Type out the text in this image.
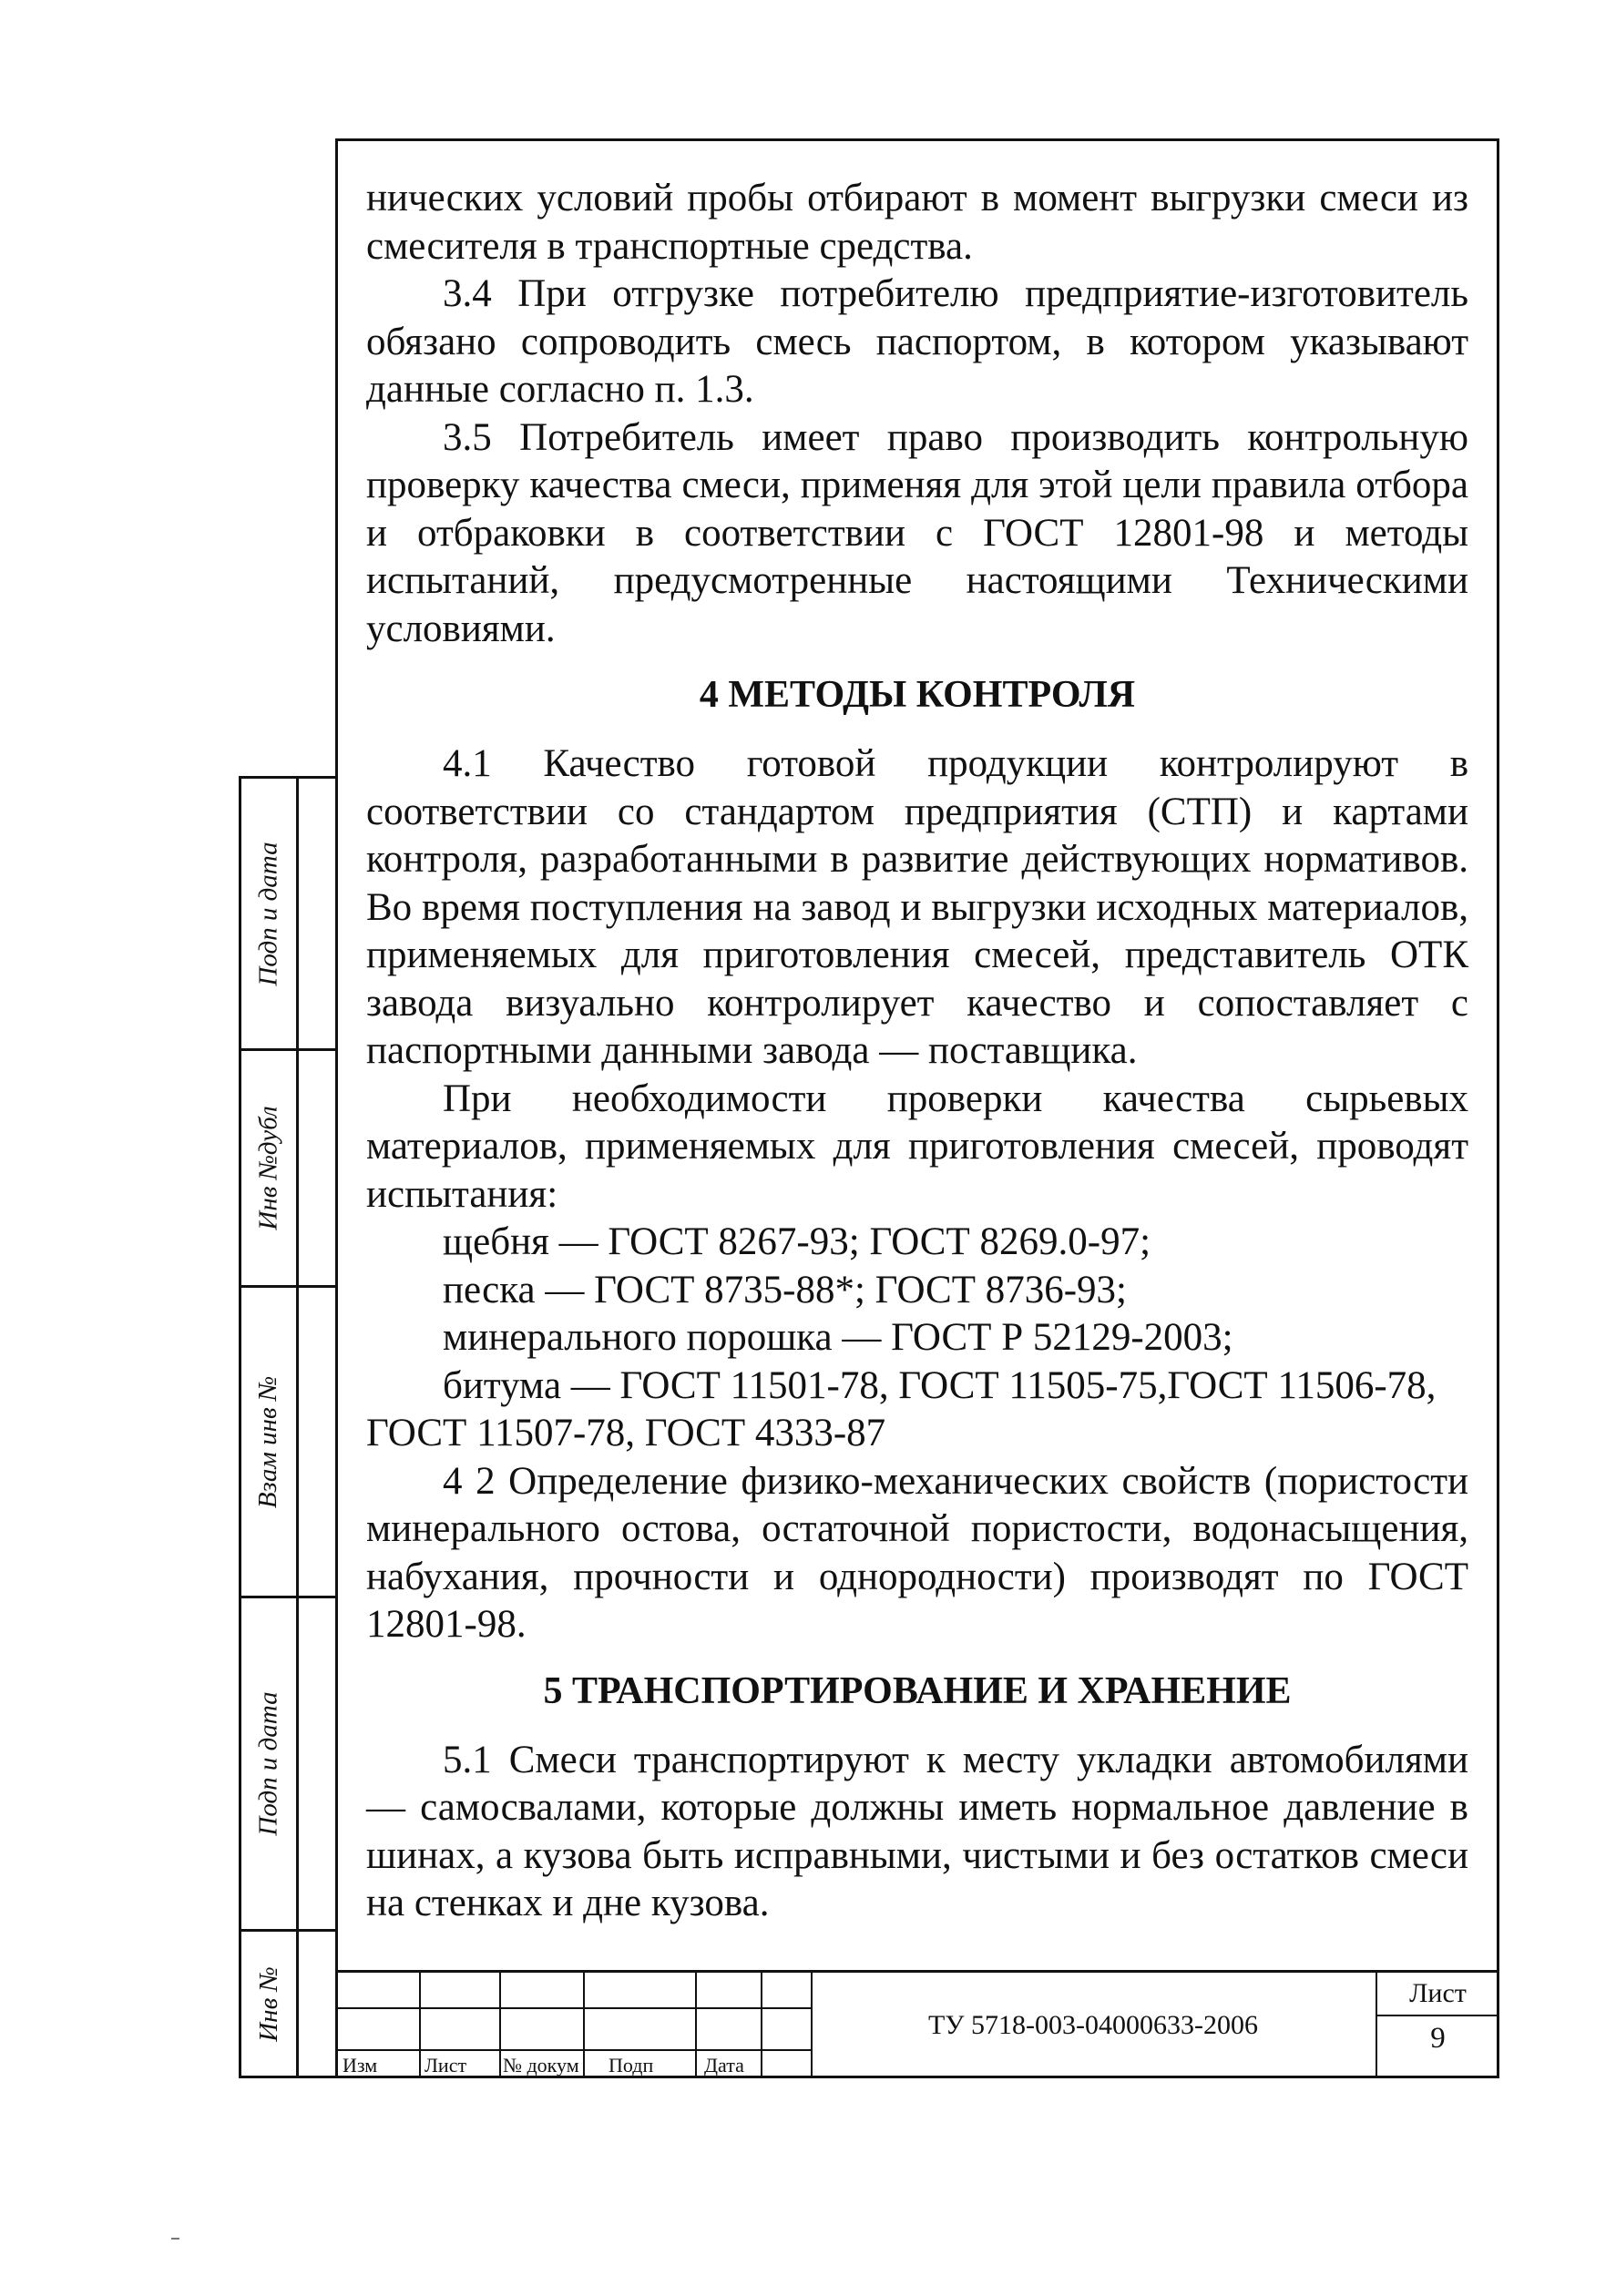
нических условий пробы отбирают в момент выгрузки смеси из смесителя в транспортные средства.

3.4 При отгрузке потребителю предприятие-изготовитель обязано сопроводить смесь паспортом, в котором указывают данные согласно п. 1.3.

3.5 Потребитель имеет право производить контрольную проверку качества смеси, применяя для этой цели правила отбора и отбраковки в соответствии с ГОСТ 12801-98 и методы испытаний, предусмотренные настоящими Техническими условиями.

4 МЕТОДЫ КОНТРОЛЯ

4.1 Качество готовой продукции контролируют в соответствии со стандартом предприятия (СТП) и картами контроля, разработанными в развитие действующих нормативов. Во время поступления на завод и выгрузки исходных материалов, применяемых для приготовления смесей, представитель ОТК завода визуально контролирует качество и сопоставляет с паспортными данными завода — поставщика.

При необходимости проверки качества сырьевых материалов, применяемых для приготовления смесей, проводят испытания:

щебня — ГОСТ 8267-93; ГОСТ 8269.0-97;

песка — ГОСТ 8735-88*; ГОСТ 8736-93;

минерального порошка — ГОСТ Р 52129-2003;

битума — ГОСТ 11501-78, ГОСТ 11505-75,ГОСТ 11506-78,

ГОСТ 11507-78, ГОСТ 4333-87

4 2 Определение физико-механических свойств (пористости минерального остова, остаточной пористости, водонасыщения, набухания, прочности и однородности) производят по ГОСТ 12801-98.

5 ТРАНСПОРТИРОВАНИЕ И ХРАНЕНИЕ

5.1 Смеси транспортируют к месту укладки автомобилями — самосвалами, которые должны иметь нормальное давление в шинах, а кузова быть исправными, чистыми и без остатков смеси на стенках и дне кузова.

Подп и дата
Инв №дубл
Взам инв №
Подп и дата
Инв №
Изм Лист № докум Подп	Дата
ТУ 5718-003-04000633-2006
Лист
9
